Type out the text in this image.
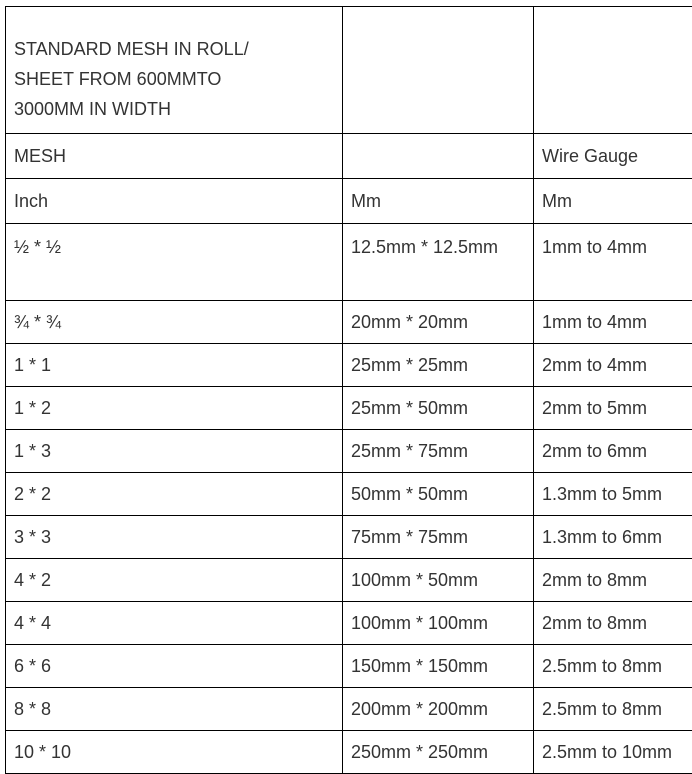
STANDARD MESH IN ROLL/
SHEET FROM 600MMTO
3000MM IN WIDTH		

MESH		Wire Gauge
Inch	Mm	Mm
½ * ½	12.5mm * 12.5mm	1mm to 4mm
¾ * ¾	20mm * 20mm	1mm to 4mm
1 * 1	25mm * 25mm	2mm to 4mm
1 * 2	25mm * 50mm	2mm to 5mm
1 * 3	25mm * 75mm	2mm to 6mm
2 * 2	50mm * 50mm	1.3mm to 5mm
3 * 3	75mm * 75mm	1.3mm to 6mm
4 * 2	100mm * 50mm	2mm to 8mm
4 * 4	100mm * 100mm	2mm to 8mm
6 * 6	150mm * 150mm	2.5mm to 8mm
8 * 8	200mm * 200mm	2.5mm to 8mm
10 * 10	250mm * 250mm	2.5mm to 10mm
